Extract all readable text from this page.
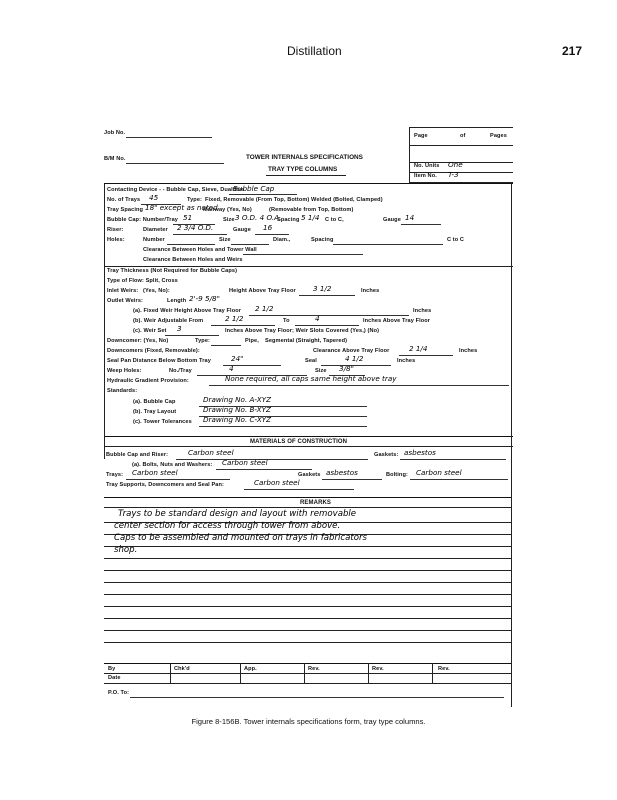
Distillation	217
Job No.
B/M No.
Page	of	Pages
No. Units One
Item No. T-3
TOWER INTERNALS SPECIFICATIONS
TRAY TYPE COLUMNS
Contacting Device - - Bubble Cap, Sieve, Dualflow
Bubble Cap
No. of Trays 45	Type: Fixed, Removable (From Top, Bottom) Welded (Bolted, Clamped)
Tray Spacing 18" except as noted
Manway (Yes, No)	(Removable from Top, Bottom)
Bubble Cap: Number/Tray 51	Size 3 O.D. 4 O.A.
Spacing 5 1/4 C to C,	Gauge 14
Riser:	Diameter 2 3/4 O.D.	Gauge 16
Holes:	Number	Size	Diam.,	Spacing	C to C
Clearance Between Holes and Tower Wall
Clearance Between Holes and Weirs
Tray Thickness (Not Required for Bubble Caps)
Type of Flow: Split, Cross
Inlet Weirs: (Yes, No):	Height Above Tray Floor 3 1/2	Inches
Outlet Weirs:	Length 2'-9 5/8"
(a). Fixed Weir Height Above Tray Floor 2 1/2	Inches
(b). Weir Adjustable From	2 1/2	To	4	Inches Above Tray Floor
(c). Weir Set 3	Inches Above Tray Floor; Weir Slots Covered (Yes,) (No)
Downcomer: (Yes, No)	Type:	Pipe, Segmental (Straight, Tapered)
Downcomers (Fixed, Removable):	Clearance Above Tray Floor	2 1/4	Inches
Seal Pan Distance Below Bottom Tray	24"	Seal	4 1/2	Inches
Weep Holes:	No./Tray	4	Size 3/8"
Hydraulic Gradient Provision:	None required, all caps same height above tray
Standards:
(a). Bubble Cap	Drawing No. A-XYZ
(b). Tray Layout	Drawing No. B-XYZ
(c). Tower Tolerances Drawing No. C-XYZ
MATERIALS OF CONSTRUCTION
Bubble Cap and Riser:	Carbon steel	Gaskets: asbestos
(a). Bolts, Nuts and Washers: Carbon steel
Trays: Carbon steel	Gaskets asbestos	Bolting: Carbon steel
Tray Supports, Downcomers and Seal Pan:	Carbon steel
REMARKS
Trays to be standard design and layout with removable
center section for access through tower from above.
Caps to be assembled and mounted on trays in fabricators
shop.
By	Chk'd	App.	Rev.	Rev.	Rev.
Date
P.O. To:
Figure 8-156B. Tower internals specifications form, tray type columns.
